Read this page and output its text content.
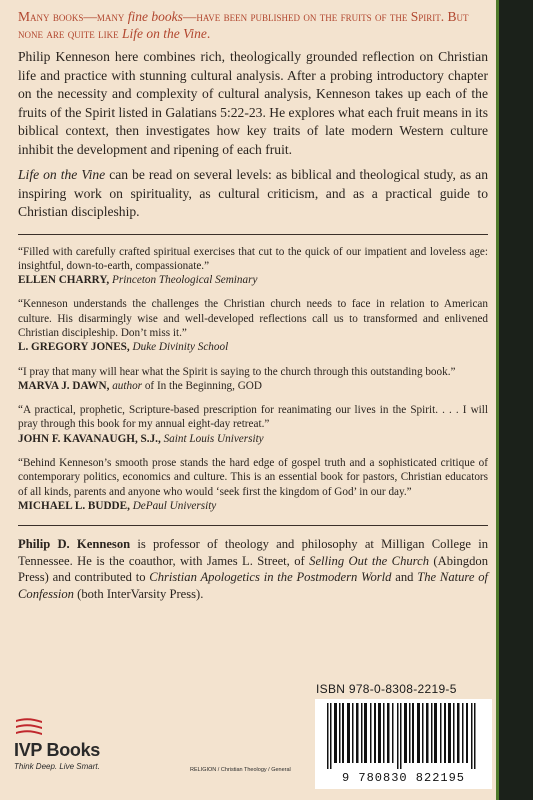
Many books—many fine books—have been published on the fruits of the Spirit. But none are quite like Life on the Vine.

Philip Kenneson here combines rich, theologically grounded reflection on Christian life and practice with stunning cultural analysis. After a probing introductory chapter on the necessity and complexity of cultural analysis, Kenneson takes up each of the fruits of the Spirit listed in Galatians 5:22-23. He explores what each fruit means in its biblical context, then investigates how key traits of late modern Western culture inhibit the development and ripening of each fruit.

Life on the Vine can be read on several levels: as biblical and theological study, as an inspiring work on spirituality, as cultural criticism, and as a practical guide to Christian discipleship.

“Filled with carefully crafted spiritual exercises that cut to the quick of our impatient and loveless age: insightful, down-to-earth, compassionate.”

ELLEN CHARRY, Princeton Theological Seminary

“Kenneson understands the challenges the Christian church needs to face in relation to American culture. His disarmingly wise and well-developed reflections call us to transformed and enlivened Christian discipleship. Don’t miss it.”

L. GREGORY JONES, Duke Divinity School

“I pray that many will hear what the Spirit is saying to the church through this outstanding book.”

MARVA J. DAWN, author of In the Beginning, GOD

“A practical, prophetic, Scripture-based prescription for reanimating our lives in the Spirit. . . . I will pray through this book for my annual eight-day retreat.”

JOHN F. KAVANAUGH, S.J., Saint Louis University

“Behind Kenneson’s smooth prose stands the hard edge of gospel truth and a sophisticated critique of contemporary politics, economics and culture. This is an essential book for pastors, Christian educators of all kinds, parents and anyone who would ‘seek first the kingdom of God’ in our day.”

MICHAEL L. BUDDE, DePaul University

Philip D. Kenneson is professor of theology and philosophy at Milligan College in Tennessee. He is the coauthor, with James L. Street, of Selling Out the Church (Abingdon Press) and contributed to Christian Apologetics in the Postmodern World and The Nature of Confession (both InterVarsity Press).

IVP Books
Think Deep. Live Smart.	RELIGION / Christian Theology / General
ISBN 978-0-8308-2219-5
9 780830 822195
